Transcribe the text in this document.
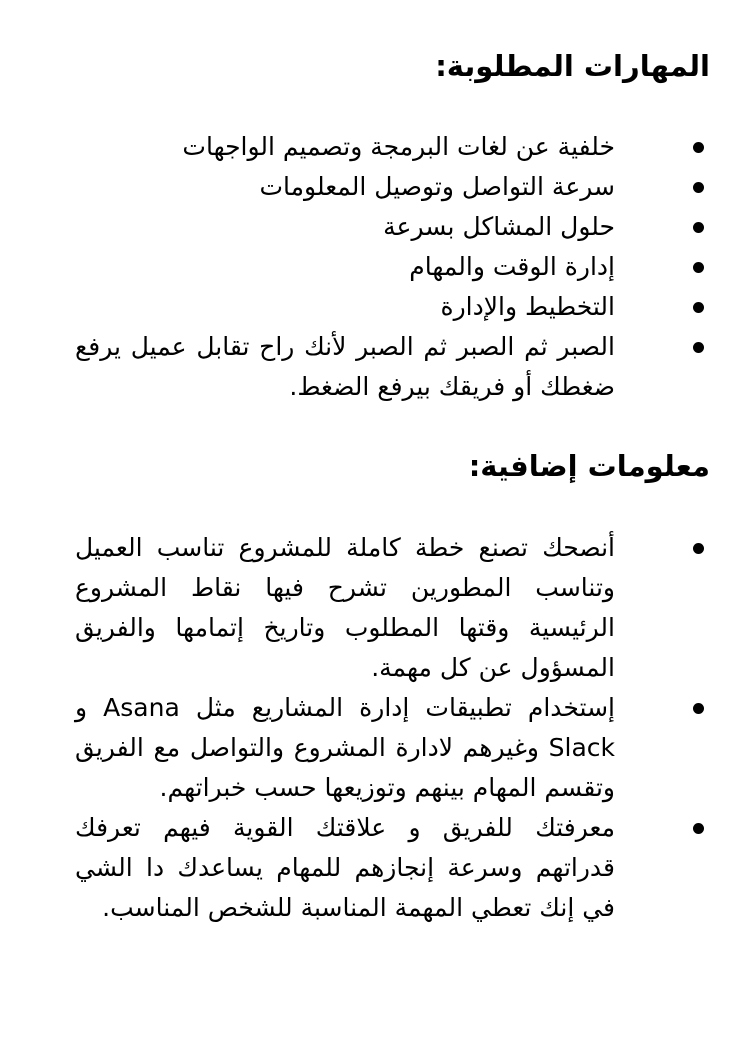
المهارات المطلوبة:
خلفية عن لغات البرمجة وتصميم الواجهات
سرعة التواصل وتوصيل المعلومات
حلول المشاكل بسرعة
إدارة الوقت والمهام
التخطيط والإدارة
الصبر ثم الصبر ثم الصبر لأنك راح تقابل عميل يرفع ضغطك أو فريقك بيرفع الضغط.
معلومات إضافية:
أنصحك تصنع خطة كاملة للمشروع تناسب العميل وتناسب المطورين تشرح فيها نقاط المشروع الرئيسية وقتها المطلوب وتاريخ إتمامها والفريق المسؤول عن كل مهمة.
إستخدام تطبيقات إدارة المشاريع مثل Asana و Slack وغيرهم لادارة المشروع والتواصل مع الفريق وتقسم المهام بينهم وتوزيعها حسب خبراتهم.
معرفتك للفريق و علاقتك القوية فيهم تعرفك قدراتهم وسرعة إنجازهم للمهام يساعدك دا الشي في إنك تعطي المهمة المناسبة للشخص المناسب.
